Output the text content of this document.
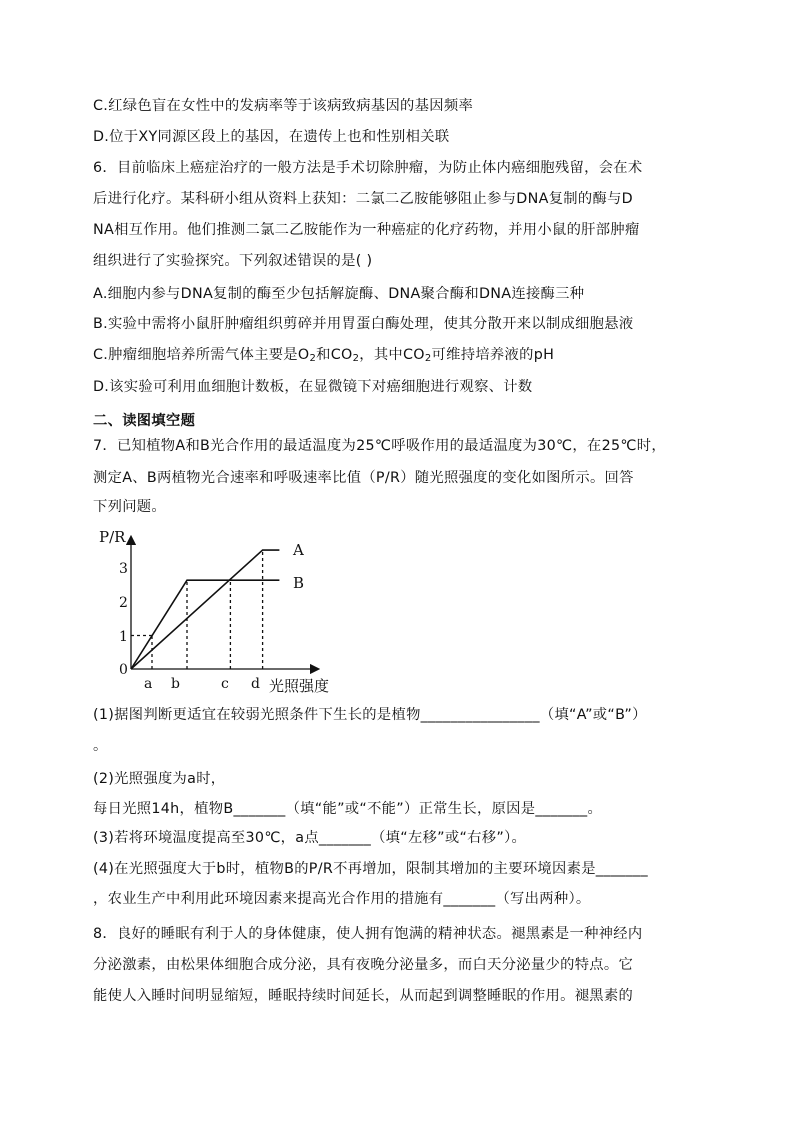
C.红绿色盲在女性中的发病率等于该病致病基因的基因频率
D.位于XY同源区段上的基因，在遗传上也和性别相关联
6．目前临床上癌症治疗的一般方法是手术切除肿瘤，为防止体内癌细胞残留，会在术
后进行化疗。某科研小组从资料上获知：二氯二乙胺能够阻止参与DNA复制的酶与D
NA相互作用。他们推测二氯二乙胺能作为一种癌症的化疗药物，并用小鼠的肝部肿瘤
组织进行了实验探究。下列叙述错误的是( )
A.细胞内参与DNA复制的酶至少包括解旋酶、DNA聚合酶和DNA连接酶三种
B.实验中需将小鼠肝肿瘤组织剪碎并用胃蛋白酶处理，使其分散开来以制成细胞悬液
C.肿瘤细胞培养所需气体主要是$O_2$和$CO_2$，其中$CO_2$可维持培养液的pH
D.该实验可利用血细胞计数板，在显微镜下对癌细胞进行观察、计数
二、读图填空题
7．已知植物A和B光合作用的最适温度为25℃呼吸作用的最适温度为30℃，在25℃时，
测定A、B两植物光合速率和呼吸速率比值（P/R）随光照强度的变化如图所示。回答
下列问题。
P/R
光照强度
0
1
2
3
a b	c d
A
B
(1)据图判断更适宜在较弱光照条件下生长的是植物________________（填“A”或“B”）
。
(2)光照强度为a时，
每日光照14h，植物B_______（填“能”或“不能”）正常生长，原因是_______。
(3)若将环境温度提高至30℃，a点_______（填“左移”或“右移”）。
(4)在光照强度大于b时，植物B的P/R不再增加，限制其增加的主要环境因素是_______
，农业生产中利用此环境因素来提高光合作用的措施有_______（写出两种）。
8．良好的睡眠有利于人的身体健康，使人拥有饱满的精神状态。褪黑素是一种神经内
分泌激素，由松果体细胞合成分泌，具有夜晚分泌量多，而白天分泌量少的特点。它
能使人入睡时间明显缩短，睡眠持续时间延长，从而起到调整睡眠的作用。褪黑素的
